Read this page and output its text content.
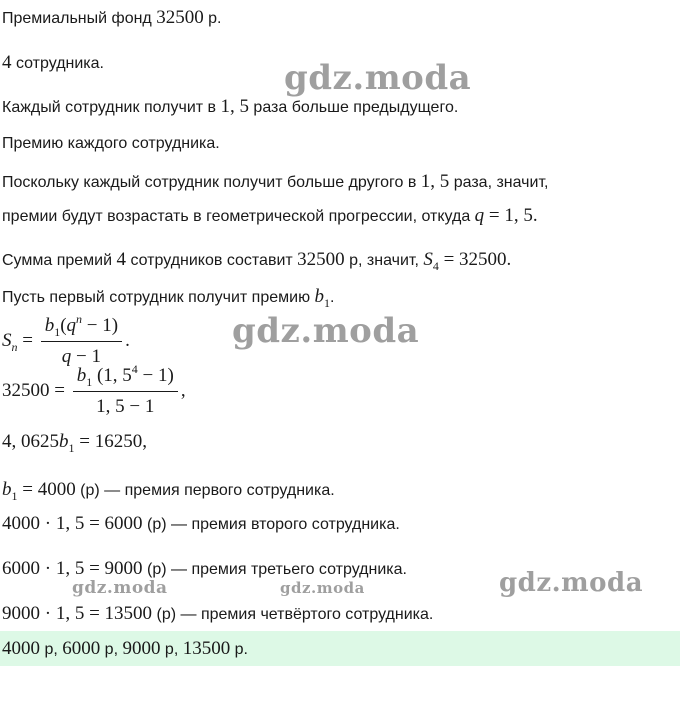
Премиальный фонд 32500 р.
4 сотрудника.
Каждый сотрудник получит в 1, 5 раза больше предыдущего.
Премию каждого сотрудника.
Поскольку каждый сотрудник получит больше другого в 1, 5 раза, значит,
премии будут возрастать в геометрической прогрессии, откуда q = 1, 5.
Сумма премий 4 сотрудников составит 32500 р, значит, $S_4 = 32500$.
Пусть первый сотрудник получит премию $b_1$.
$S_n = \frac{b_1(q^n - 1)}{q - 1}$ .
$32500 = \frac{b_1 (1, 5^4 - 1)}{1, 5 - 1}$ ,
4, $0625b_1 = 16250$,
$b_1 = 4000$ (р) — премия первого сотрудника.
4000 · 1, 5 = 6000 (р) — премия второго сотрудника.
6000 · 1, 5 = 9000 (р) — премия третьего сотрудника.
9000 · 1, 5 = 13500 (р) — премия четвёртого сотрудника.
4000 р, 6000 р, 9000 р, 13500 р.
gdz.moda
gdz.moda
gdz.moda	gdz.moda	gdz.moda
